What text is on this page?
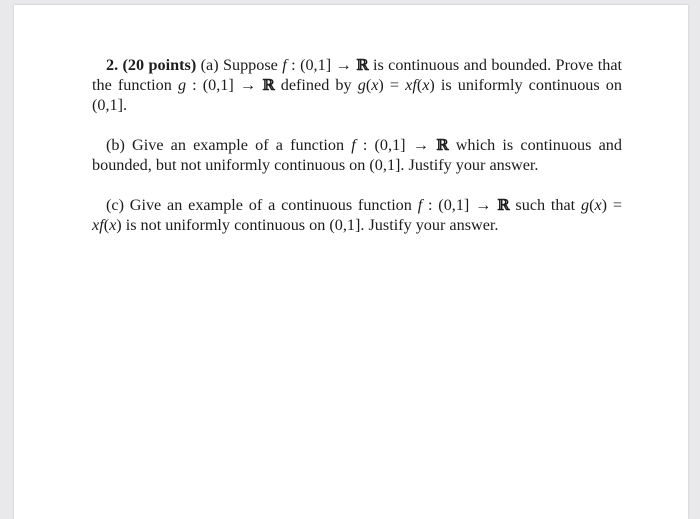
2. (20 points) (a) Suppose f : (0,1] → ℝ is continuous and bounded. Prove that the function g : (0,1] → ℝ defined by g(x) = xf(x) is uniformly continuous on (0,1].

(b) Give an example of a function f : (0,1] → ℝ which is continuous and bounded, but not uniformly continuous on (0,1]. Justify your answer.

(c) Give an example of a continuous function f : (0,1] → ℝ such that g(x) = xf(x) is not uniformly continuous on (0,1]. Justify your answer.
